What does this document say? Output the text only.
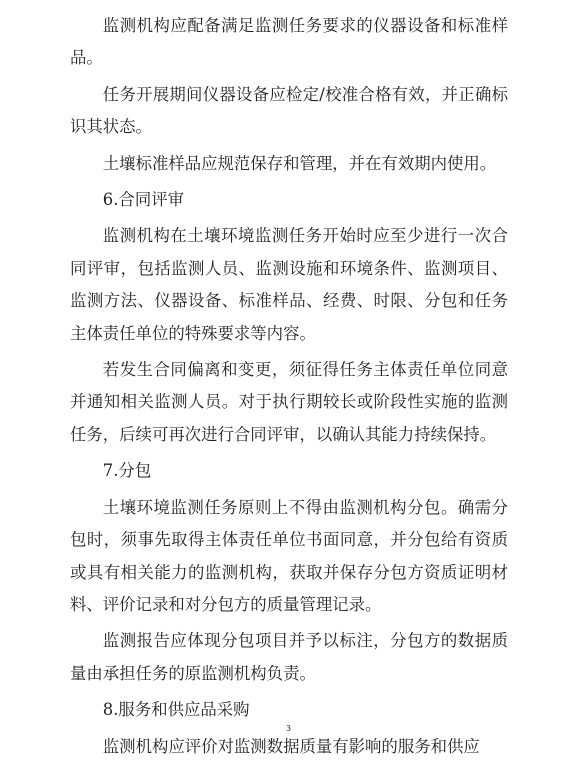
监测机构应配备满足监测任务要求的仪器设备和标准样品。

任务开展期间仪器设备应检定/校准合格有效，并正确标识其状态。

土壤标准样品应规范保存和管理，并在有效期内使用。

6.合同评审

监测机构在土壤环境监测任务开始时应至少进行一次合同评审，包括监测人员、监测设施和环境条件、监测项目、监测方法、仪器设备、标准样品、经费、时限、分包和任务主体责任单位的特殊要求等内容。

若发生合同偏离和变更，须征得任务主体责任单位同意并通知相关监测人员。对于执行期较长或阶段性实施的监测任务，后续可再次进行合同评审，以确认其能力持续保持。

7.分包

土壤环境监测任务原则上不得由监测机构分包。确需分包时，须事先取得主体责任单位书面同意，并分包给有资质或具有相关能力的监测机构，获取并保存分包方资质证明材料、评价记录和对分包方的质量管理记录。

监测报告应体现分包项目并予以标注，分包方的数据质量由承担任务的原监测机构负责。

8.服务和供应品采购

监测机构应评价对监测数据质量有影响的服务和供应

3
